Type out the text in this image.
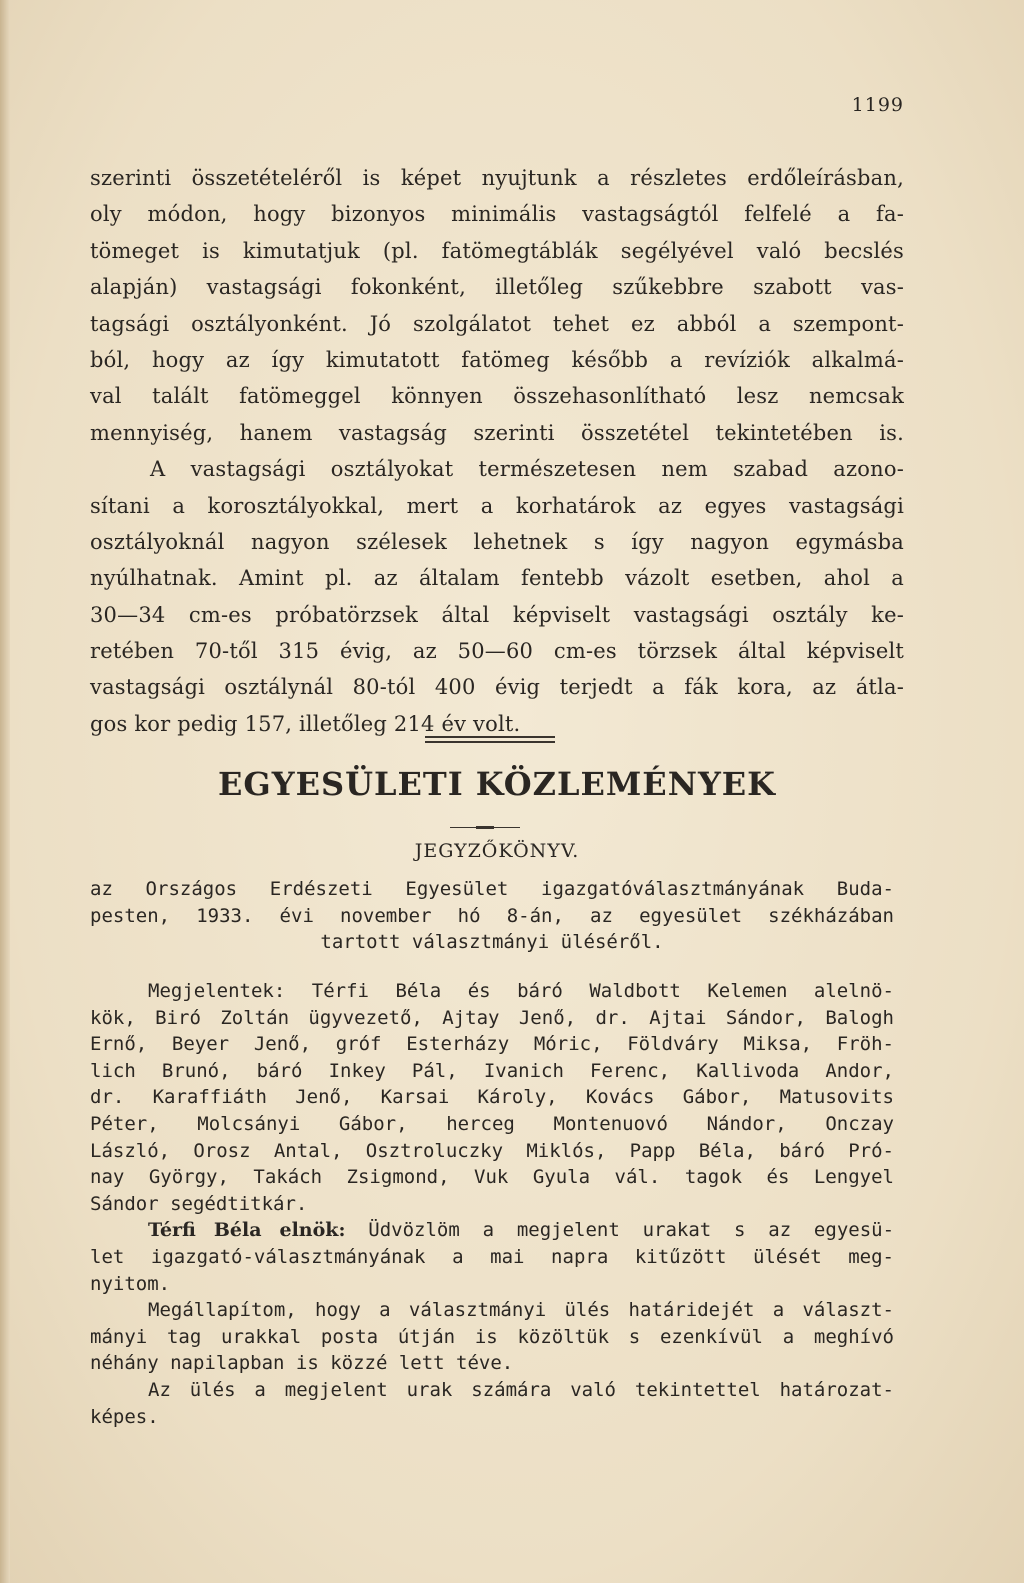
1199
szerinti összetételéről is képet nyujtunk a részletes erdőleírásban,
oly módon, hogy bizonyos minimális vastagságtól felfelé a fa-
tömeget is kimutatjuk (pl. fatömegtáblák segélyével való becslés
alapján) vastagsági fokonként, illetőleg szűkebbre szabott vas-
tagsági osztályonként. Jó szolgálatot tehet ez abból a szempont-
ból, hogy az így kimutatott fatömeg később a revíziók alkalmá-
val talált fatömeggel könnyen összehasonlítható lesz nemcsak
mennyiség, hanem vastagság szerinti összetétel tekintetében is.
A vastagsági osztályokat természetesen nem szabad azono-
sítani a korosztályokkal, mert a korhatárok az egyes vastagsági
osztályoknál nagyon szélesek lehetnek s így nagyon egymásba
nyúlhatnak. Amint pl. az általam fentebb vázolt esetben, ahol a
30—34 cm-es próbatörzsek által képviselt vastagsági osztály ke-
retében 70-től 315 évig, az 50—60 cm-es törzsek által képviselt
vastagsági osztálynál 80-tól 400 évig terjedt a fák kora, az átla-
gos kor pedig 157, illetőleg 214 év volt.
EGYESÜLETI KÖZLEMÉNYEK
JEGYZŐKÖNYV.
az Országos Erdészeti Egyesület igazgatóválasztmányának Buda-
pesten, 1933. évi november hó 8-án, az egyesület székházában
tartott választmányi üléséről.
Megjelentek: Térfi Béla és báró Waldbott Kelemen alelnö-
kök, Biró Zoltán ügyvezető, Ajtay Jenő, dr. Ajtai Sándor, Balogh
Ernő, Beyer Jenő, gróf Esterházy Móric, Földváry Miksa, Fröh-
lich Brunó, báró Inkey Pál, Ivanich Ferenc, Kallivoda Andor,
dr. Karaffiáth Jenő, Karsai Károly, Kovács Gábor, Matusovits
Péter, Molcsányi Gábor, herceg Montenuovó Nándor, Onczay
László, Orosz Antal, Osztroluczky Miklós, Papp Béla, báró Pró-
nay György, Takách Zsigmond, Vuk Gyula vál. tagok és Lengyel
Sándor segédtitkár.
Térfi Béla elnök: Üdvözlöm a megjelent urakat s az egyesü-
let igazgató-választmányának a mai napra kitűzött ülését meg-
nyitom.
Megállapítom, hogy a választmányi ülés határidejét a választ-
mányi tag urakkal posta útján is közöltük s ezenkívül a meghívó
néhány napilapban is közzé lett téve.
Az ülés a megjelent urak számára való tekintettel határozat-
képes.
